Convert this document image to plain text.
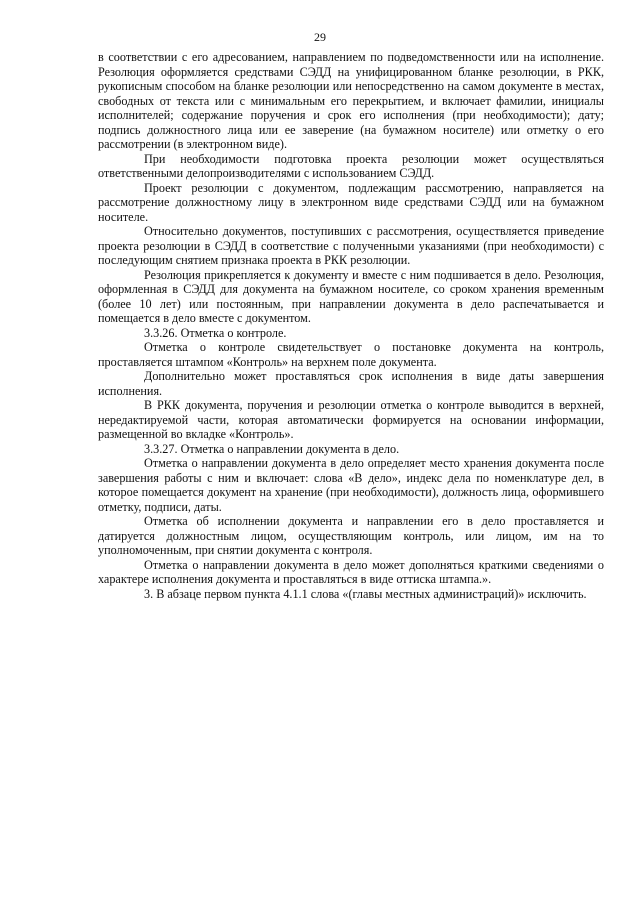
29

в соответствии с его адресованием, направлением по подведомственности или на исполнение. Резолюция оформляется средствами СЭДД на унифицированном бланке резолюции, в РКК, рукописным способом на бланке резолюции или непосредственно на самом документе в местах, свободных от текста или с минимальным его перекрытием, и включает фамилии, инициалы исполнителей; содержание поручения и срок его исполнения (при необходимости); дату; подпись должностного лица или ее заверение (на бумажном носителе) или отметку о его рассмотрении (в электронном виде).

При необходимости подготовка проекта резолюции может осуществляться ответственными делопроизводителями с использованием СЭДД.

Проект резолюции с документом, подлежащим рассмотрению, направляется на рассмотрение должностному лицу в электронном виде средствами СЭДД или на бумажном носителе.

Относительно документов, поступивших с рассмотрения, осуществляется приведение проекта резолюции в СЭДД в соответствие с полученными указаниями (при необходимости) с последующим снятием признака проекта в РКК резолюции.

Резолюция прикрепляется к документу и вместе с ним подшивается в дело. Резолюция, оформленная в СЭДД для документа на бумажном носителе, со сроком хранения временным (более 10 лет) или постоянным, при направлении документа в дело распечатывается и помещается в дело вместе с документом.

3.3.26. Отметка о контроле.

Отметка о контроле свидетельствует о постановке документа на контроль, проставляется штампом «Контроль» на верхнем поле документа.

Дополнительно может проставляться срок исполнения в виде даты завершения исполнения.

В РКК документа, поручения и резолюции отметка о контроле выводится в верхней, нередактируемой части, которая автоматически формируется на основании информации, размещенной во вкладке «Контроль».

3.3.27. Отметка о направлении документа в дело.

Отметка о направлении документа в дело определяет место хранения документа после завершения работы с ним и включает: слова «В дело», индекс дела по номенклатуре дел, в которое помещается документ на хранение (при необходимости), должность лица, оформившего отметку, подписи, даты.

Отметка об исполнении документа и направлении его в дело проставляется и датируется должностным лицом, осуществляющим контроль, или лицом, им на то уполномоченным, при снятии документа с контроля.

Отметка о направлении документа в дело может дополняться краткими сведениями о характере исполнения документа и проставляться в виде оттиска штампа.».

3. В абзаце первом пункта 4.1.1 слова «(главы местных администраций)» исключить.
